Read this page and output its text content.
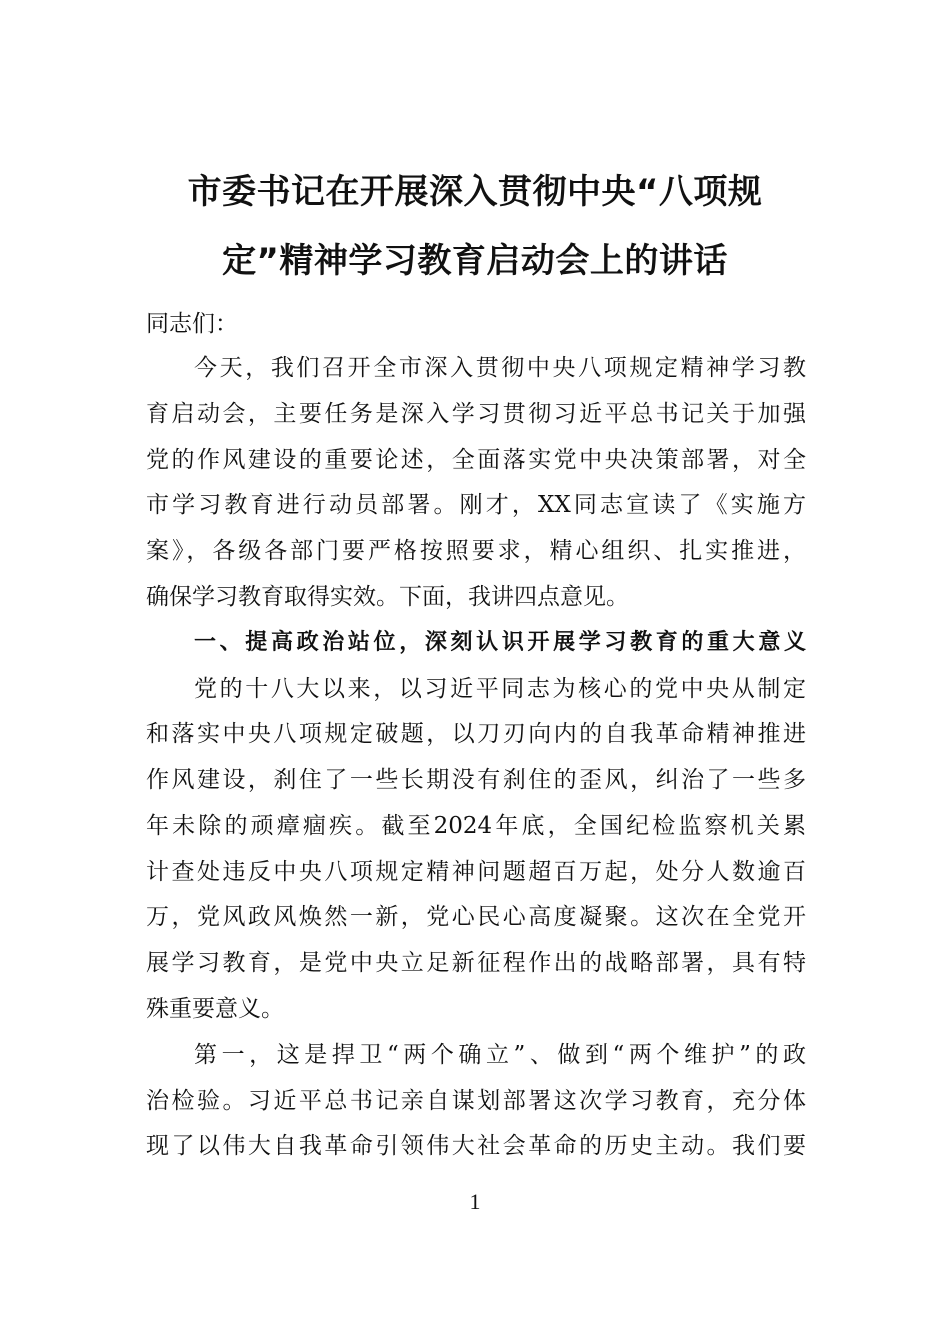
市委书记在开展深入贯彻中央“八项规
定”精神学习教育启动会上的讲话
同志们：
今天，我们召开全市深入贯彻中央八项规定精神学习教
育启动会，主要任务是深入学习贯彻习近平总书记关于加强
党的作风建设的重要论述，全面落实党中央决策部署，对全
市学习教育进行动员部署。刚才，XX同志宣读了《实施方
案》，各级各部门要严格按照要求，精心组织、扎实推进，
确保学习教育取得实效。下面，我讲四点意见。
一、提高政治站位，深刻认识开展学习教育的重大意义
党的十八大以来，以习近平同志为核心的党中央从制定
和落实中央八项规定破题，以刀刃向内的自我革命精神推进
作风建设，刹住了一些长期没有刹住的歪风，纠治了一些多
年未除的顽瘴痼疾。截至2024年底，全国纪检监察机关累
计查处违反中央八项规定精神问题超百万起，处分人数逾百
万，党风政风焕然一新，党心民心高度凝聚。这次在全党开
展学习教育，是党中央立足新征程作出的战略部署，具有特
殊重要意义。
第一，这是捍卫“两个确立”、做到“两个维护”的政
治检验。习近平总书记亲自谋划部署这次学习教育，充分体
现了以伟大自我革命引领伟大社会革命的历史主动。我们要
1
